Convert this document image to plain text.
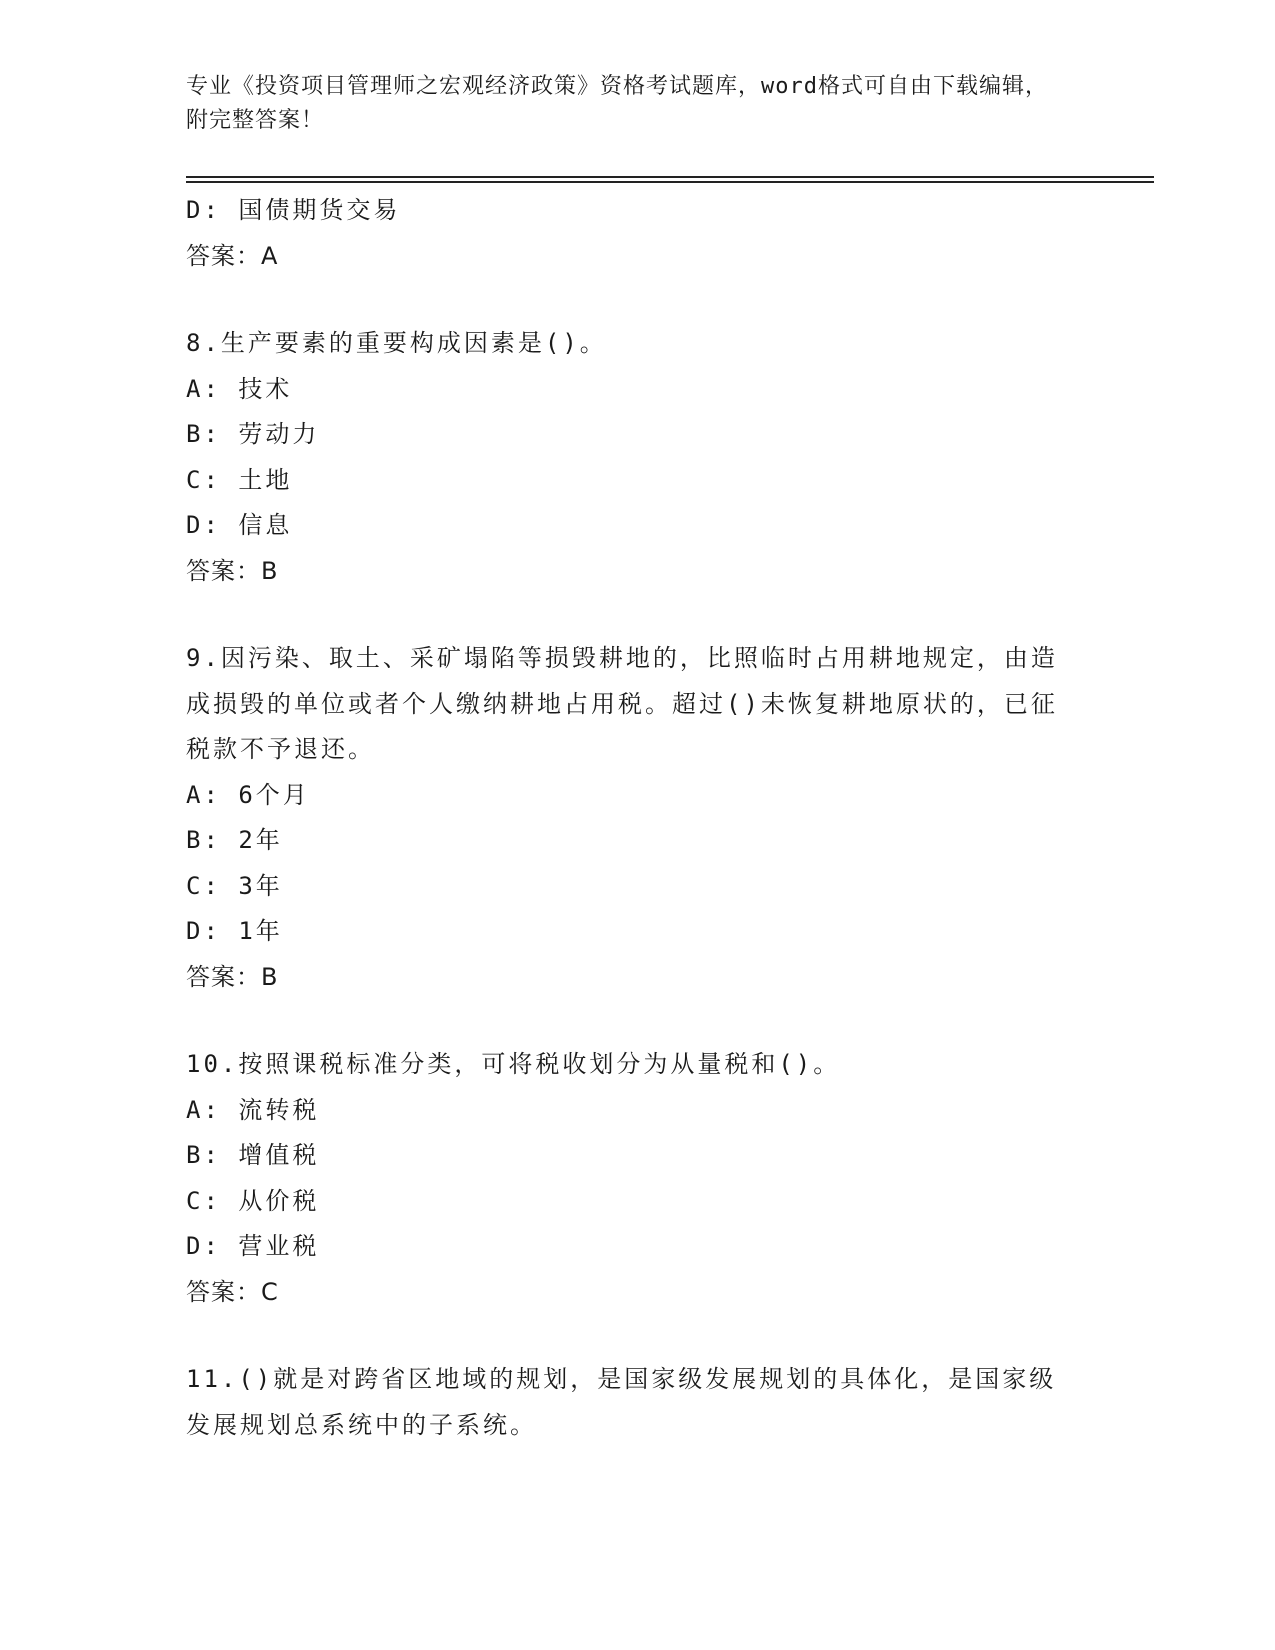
专业《投资项目管理师之宏观经济政策》资格考试题库，word格式可自由下载编辑，附完整答案！
D: 国债期货交易
答案：A
8.生产要素的重要构成因素是()。
A: 技术
B: 劳动力
C: 土地
D: 信息
答案：B
9.因污染、取土、采矿塌陷等损毁耕地的，比照临时占用耕地规定，由造成损毁的单位或者个人缴纳耕地占用税。超过()未恢复耕地原状的，已征税款不予退还。
A: 6个月
B: 2年
C: 3年
D: 1年
答案：B
10.按照课税标准分类，可将税收划分为从量税和()。
A: 流转税
B: 增值税
C: 从价税
D: 营业税
答案：C
11.()就是对跨省区地域的规划，是国家级发展规划的具体化，是国家级发展规划总系统中的子系统。
